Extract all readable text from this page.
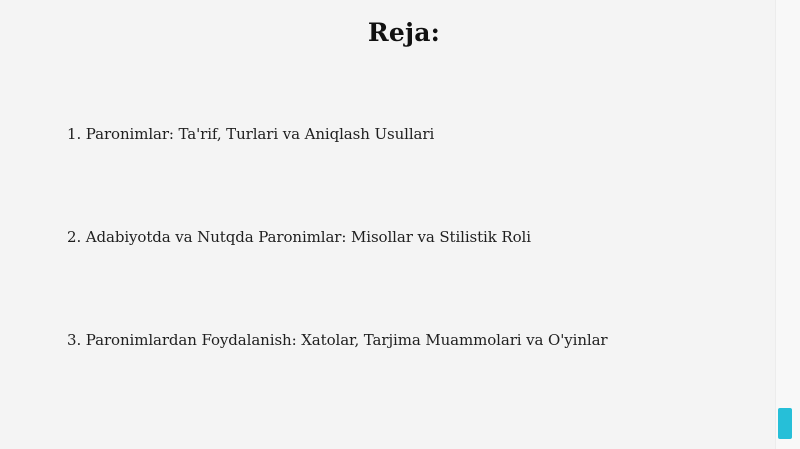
Reja:
1. Paronimlar: Ta'rif, Turlari va Aniqlash Usullari
2. Adabiyotda va Nutqda Paronimlar: Misollar va Stilistik Roli
3. Paronimlardan Foydalanish: Xatolar, Tarjima Muammolari va O'yinlar
